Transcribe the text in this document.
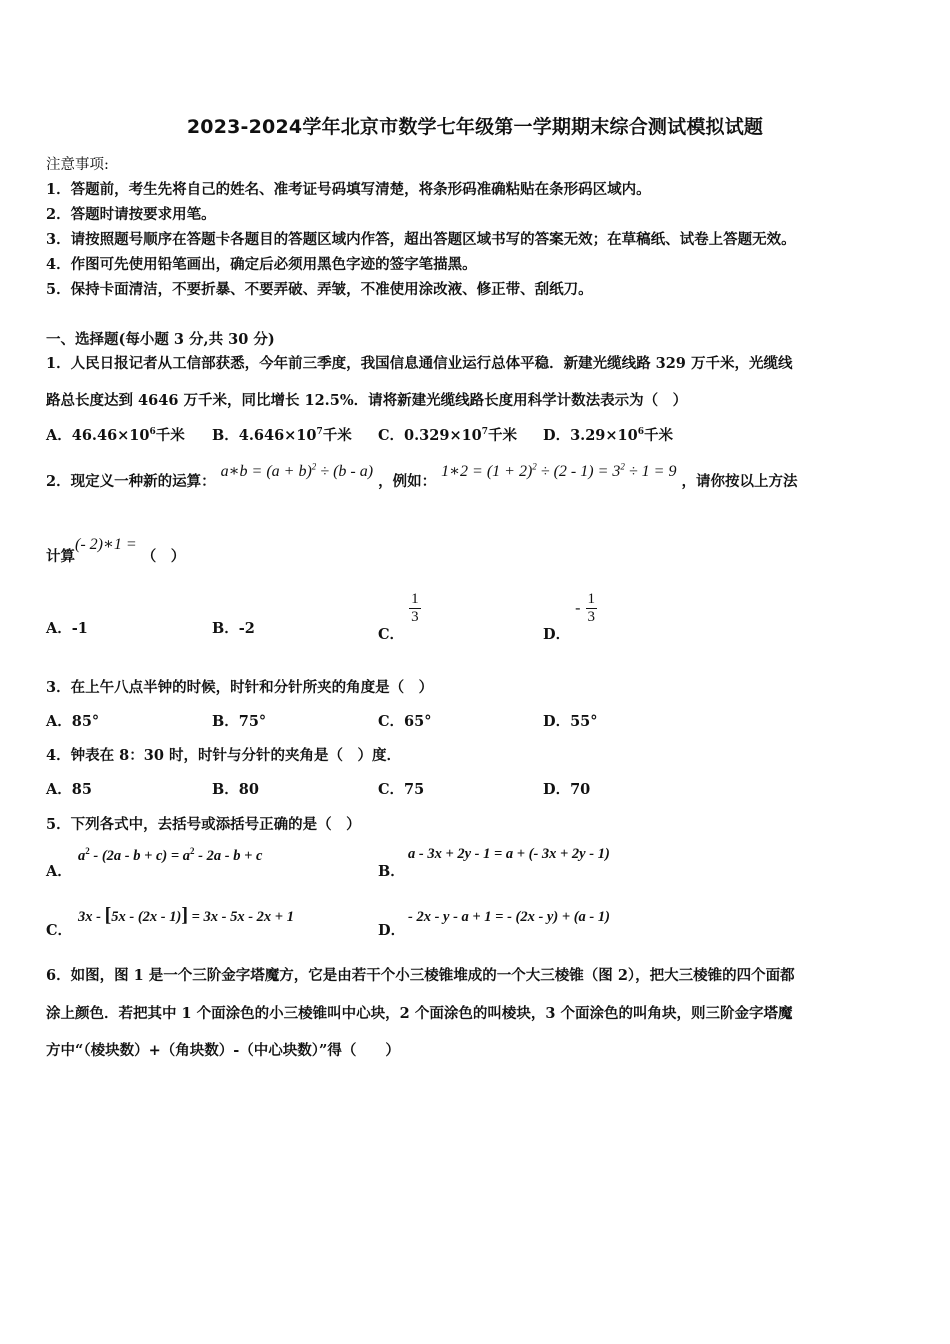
2023-2024学年北京市数学七年级第一学期期末综合测试模拟试题
注意事项:
1．答题前，考生先将自己的姓名、准考证号码填写清楚，将条形码准确粘贴在条形码区域内。
2．答题时请按要求用笔。
3．请按照题号顺序在答题卡各题目的答题区域内作答，超出答题区域书写的答案无效；在草稿纸、试卷上答题无效。
4．作图可先使用铅笔画出，确定后必须用黑色字迹的签字笔描黑。
5．保持卡面清洁，不要折暴、不要弄破、弄皱，不准使用涂改液、修正带、刮纸刀。
一、选择题(每小题 3 分,共 30 分)
1．人民日报记者从工信部获悉，今年前三季度，我国信息通信业运行总体平稳．新建光缆线路 329 万千米，光缆线
路总长度达到 4646 万千米，同比增长 12.5%．请将新建光缆线路长度用科学计数法表示为（　）
A．$46.46\times 10^6$千米 B．$4.646\times 10^7$千米 C．$0.329\times 10^7$千米 D．$3.29\times 10^6$千米
2．现定义一种新的运算： a∗b = $(a + b)^2 \div (b - a)$ ，例如： 1∗2 = $(1 + 2)^2 \div (2 - 1) = 3^2 \div 1 = 9$ ，请你按以上方法
计算(- 2)∗1 = （　）
A．-1	B．-2	C．
$\frac{1}{3}$
D． - $\frac{1}{3}$
3．在上午八点半钟的时候，时针和分针所夹的角度是（　）
A．85°	B．75°	C．65°	D．55°
4．钟表在 8：30 时，时针与分针的夹角是（　）度．
A．85	B．80	C．75	D．70
5．下列各式中，去括号或添括号正确的是（　）
A．
$a^2 - (2a - b + c) = a^2 - 2a - b + c$
B．
a - 3x + 2y - 1 = a + (- 3x + 2y - 1)
C．
3x - [5x - (2x - 1)] = 3x - 5x - 2x + 1
D．
- 2x - y - a + 1 = - (2x - y) + (a - 1)
6．如图，图 1 是一个三阶金字塔魔方，它是由若干个小三棱锥堆成的一个大三棱锥（图 2），把大三棱锥的四个面都
涂上颜色．若把其中 1 个面涂色的小三棱锥叫中心块，2 个面涂色的叫棱块，3 个面涂色的叫角块，则三阶金字塔魔
方中“（棱块数）+（角块数）-（中心块数）”得（　　）
